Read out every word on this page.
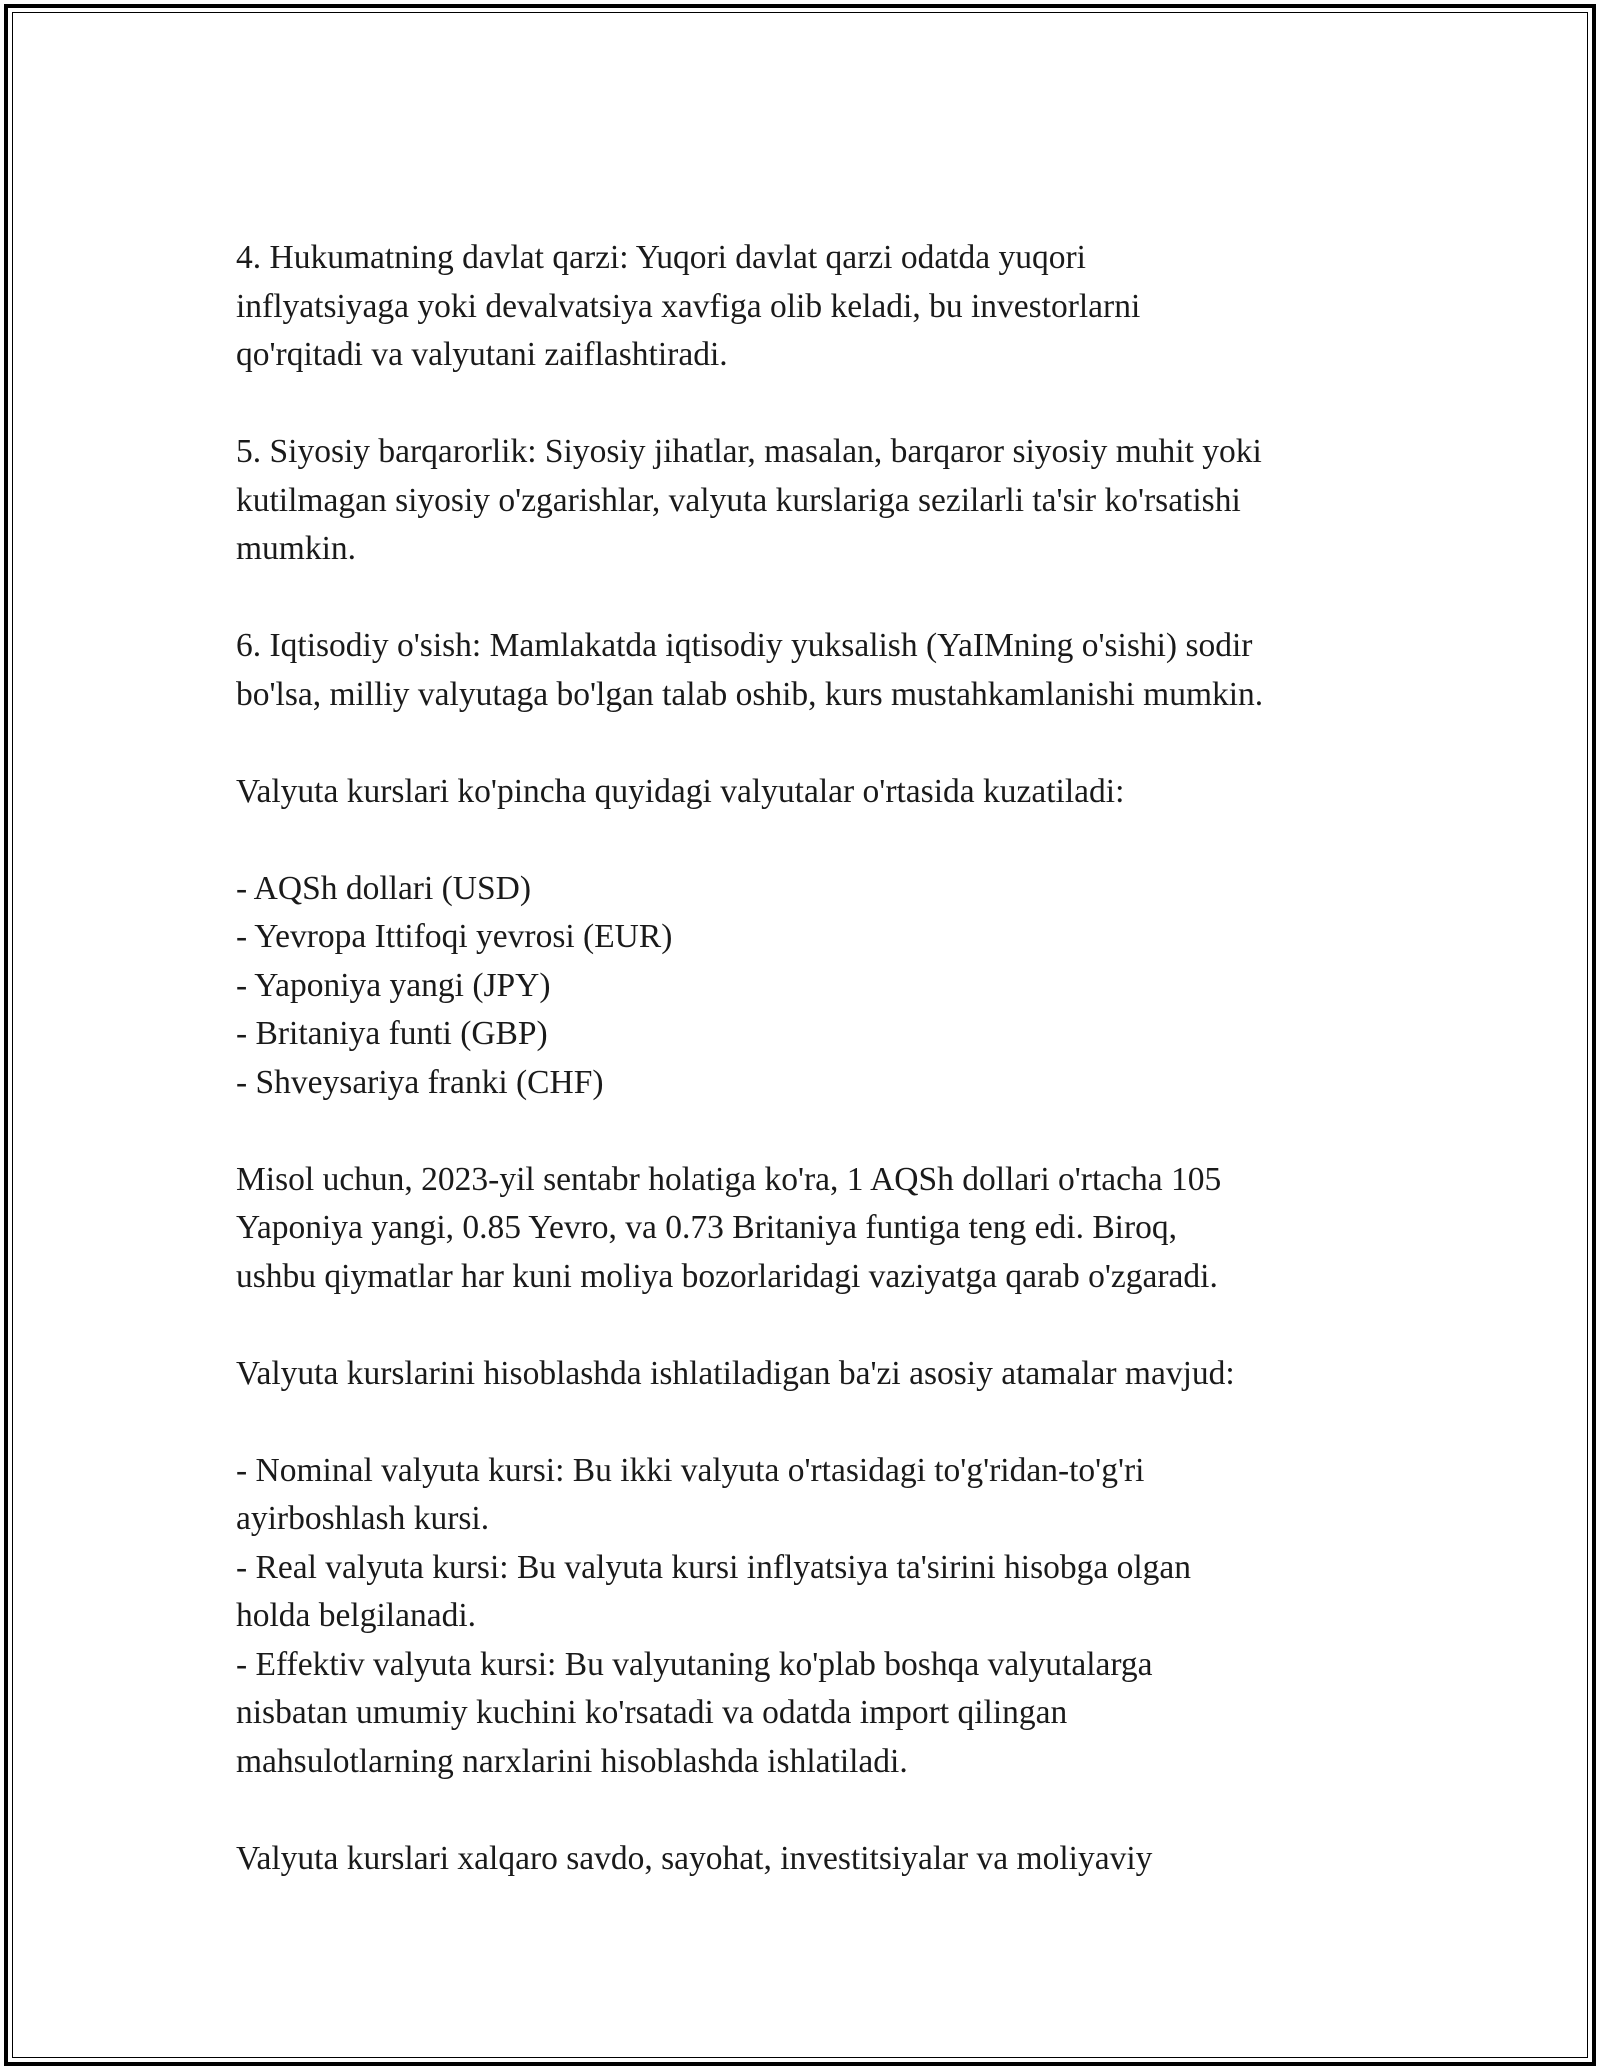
4. Hukumatning davlat qarzi: Yuqori davlat qarzi odatda yuqori
inflyatsiyaga yoki devalvatsiya xavfiga olib keladi, bu investorlarni
qo'rqitadi va valyutani zaiflashtiradi.

5. Siyosiy barqarorlik: Siyosiy jihatlar, masalan, barqaror siyosiy muhit yoki
kutilmagan siyosiy o'zgarishlar, valyuta kurslariga sezilarli ta'sir ko'rsatishi
mumkin.

6. Iqtisodiy o'sish: Mamlakatda iqtisodiy yuksalish (YaIMning o'sishi) sodir
bo'lsa, milliy valyutaga bo'lgan talab oshib, kurs mustahkamlanishi mumkin.

Valyuta kurslari ko'pincha quyidagi valyutalar o'rtasida kuzatiladi:

- AQSh dollari (USD)
- Yevropa Ittifoqi yevrosi (EUR)
- Yaponiya yangi (JPY)
- Britaniya funti (GBP)
- Shveysariya franki (CHF)

Misol uchun, 2023-yil sentabr holatiga ko'ra, 1 AQSh dollari o'rtacha 105
Yaponiya yangi, 0.85 Yevro, va 0.73 Britaniya funtiga teng edi. Biroq,
ushbu qiymatlar har kuni moliya bozorlaridagi vaziyatga qarab o'zgaradi.

Valyuta kurslarini hisoblashda ishlatiladigan ba'zi asosiy atamalar mavjud:

- Nominal valyuta kursi: Bu ikki valyuta o'rtasidagi to'g'ridan-to'g'ri
ayirboshlash kursi.
- Real valyuta kursi: Bu valyuta kursi inflyatsiya ta'sirini hisobga olgan
holda belgilanadi.
- Effektiv valyuta kursi: Bu valyutaning ko'plab boshqa valyutalarga
nisbatan umumiy kuchini ko'rsatadi va odatda import qilingan
mahsulotlarning narxlarini hisoblashda ishlatiladi.

Valyuta kurslari xalqaro savdo, sayohat, investitsiyalar va moliyaviy
